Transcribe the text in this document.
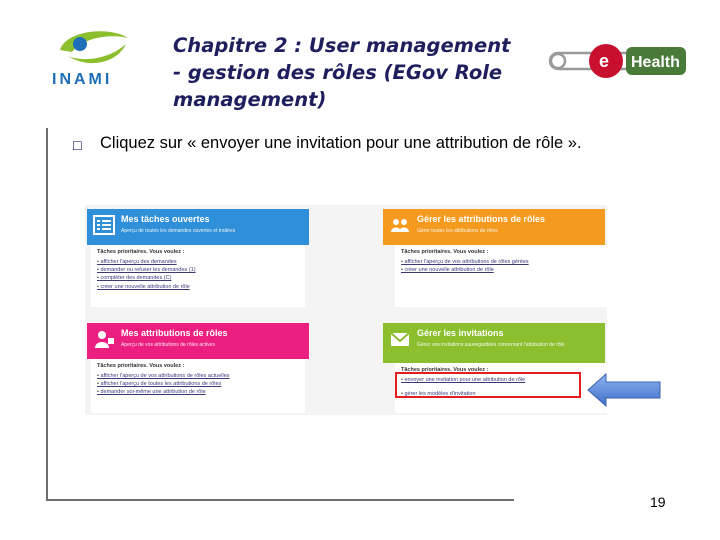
INAMI
Chapitre 2 : User management
- gestion des rôles (EGov Role
management)
e Health
☐ Cliquez sur « envoyer une invitation pour une attribution de rôle ».
Mes tâches ouvertes
Aperçu de toutes les demandes ouvertes et traitées
Tâches prioritaires. Vous voulez :
• afficher l'aperçu des demandes
• demander ou refuser les demandes (1)
• compléter des demandes (C)
• créer une nouvelle attribution de rôle
Gérer les attributions de rôles
Gérer toutes les attributions de rôles
Tâches prioritaires. Vous voulez :
• afficher l'aperçu de vos attributions de rôles gérées
• créer une nouvelle attribution de rôle
Mes attributions de rôles
Aperçu de vos attributions de rôles actives
Tâches prioritaires. Vous voulez :
• afficher l'aperçu de vos attributions de rôles actuelles
• afficher l'aperçu de toutes les attributions de rôles
• demander soi-même une attribution de rôle
Gérer les invitations
Gérez vos invitations sauvegardées concernant l'attribution de rôle
Tâches prioritaires. Vous voulez :
• envoyer une invitation pour une attribution de rôle
• gérer les modèles d'invitation
19
